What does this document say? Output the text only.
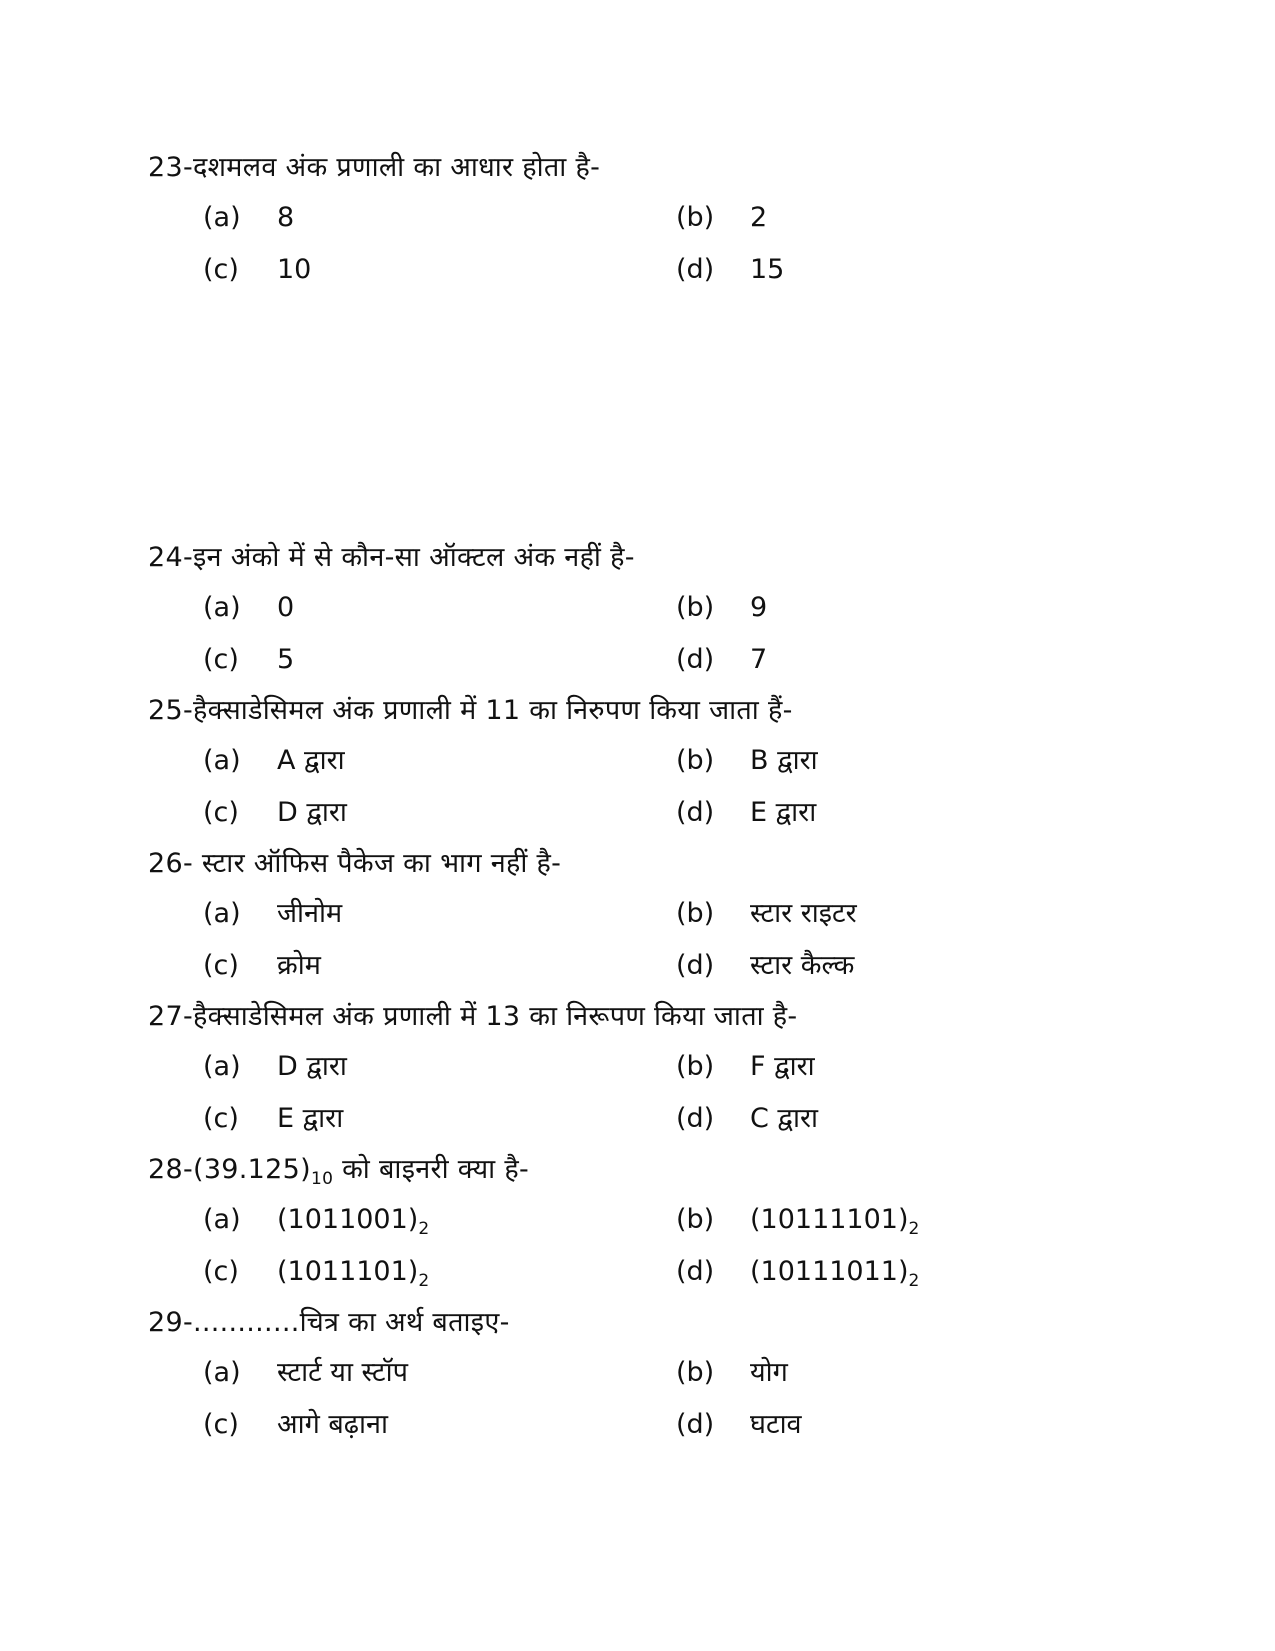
23-दशमलव अंक प्रणाली का आधार होता है-
(a) 8	(b) 2
(c) 10	(d) 15
24-इन अंको में से कौन-सा ऑक्टल अंक नहीं है-
(a) 0	(b) 9
(c) 5	(d) 7
25-हैक्साडेसिमल अंक प्रणाली में 11 का निरुपण किया जाता हैं-
(a) A द्वारा	(b) B द्वारा
(c) D द्वारा	(d) E द्वारा
26- स्टार ऑफिस पैकेज का भाग नहीं है-
(a) जीनोम	(b) स्टार राइटर
(c) क्रोम	(d) स्टार कैल्क
27-हैक्साडेसिमल अंक प्रणाली में 13 का निरूपण किया जाता है-
(a) D द्वारा	(b) F द्वारा
(c) E द्वारा	(d) C द्वारा
$28-(39.125)_{10}$ को बाइनरी क्या है-
(a) $(1011001)_2$	(b) $(10111101)_2$
(c) $(1011101)_2$	(d) $(10111011)_2$
29-............चित्र का अर्थ बताइए-
(a) स्टार्ट या स्टॉप	(b) योग
(c) आगे बढ़ाना	(d) घटाव
